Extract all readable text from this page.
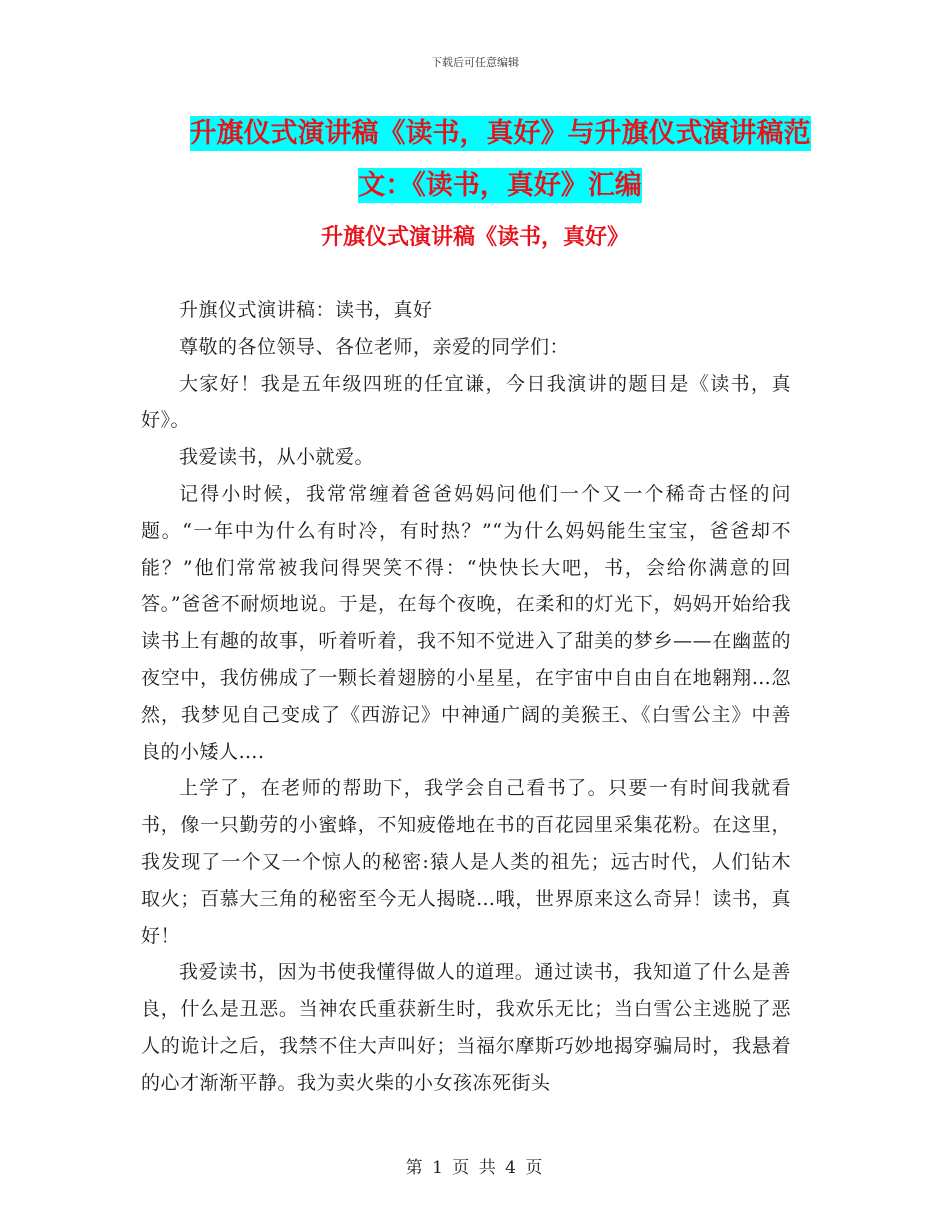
下载后可任意编辑
升旗仪式演讲稿《读书，真好》与升旗仪式演讲稿范
文：《读书，真好》汇编
升旗仪式演讲稿《读书，真好》

升旗仪式演讲稿：读书，真好

尊敬的各位领导、各位老师，亲爱的同学们：

大家好！我是五年级四班的任宜谦，今日我演讲的题目是《读书，真好》。

我爱读书，从小就爱。

记得小时候，我常常缠着爸爸妈妈问他们一个又一个稀奇古怪的问题。“一年中为什么有时冷，有时热？”“为什么妈妈能生宝宝，爸爸却不能？”他们常常被我问得哭笑不得：“快快长大吧，书，会给你满意的回答。”爸爸不耐烦地说。于是，在每个夜晚，在柔和的灯光下，妈妈开始给我读书上有趣的故事，听着听着，我不知不觉进入了甜美的梦乡——在幽蓝的夜空中，我仿佛成了一颗长着翅膀的小星星，在宇宙中自由自在地翱翔…忽然，我梦见自己变成了《西游记》中神通广阔的美猴王、《白雪公主》中善良的小矮人….

上学了，在老师的帮助下，我学会自己看书了。只要一有时间我就看书，像一只勤劳的小蜜蜂，不知疲倦地在书的百花园里采集花粉。在这里，我发现了一个又一个惊人的秘密:猿人是人类的祖先；远古时代，人们钻木取火；百慕大三角的秘密至今无人揭晓…哦，世界原来这么奇异！读书，真好！

我爱读书，因为书使我懂得做人的道理。通过读书，我知道了什么是善良，什么是丑恶。当神农氏重获新生时，我欢乐无比；当白雪公主逃脱了恶人的诡计之后，我禁不住大声叫好；当福尔摩斯巧妙地揭穿骗局时，我悬着的心才渐渐平静。我为卖火柴的小女孩冻死街头

第 1 页 共 4 页
